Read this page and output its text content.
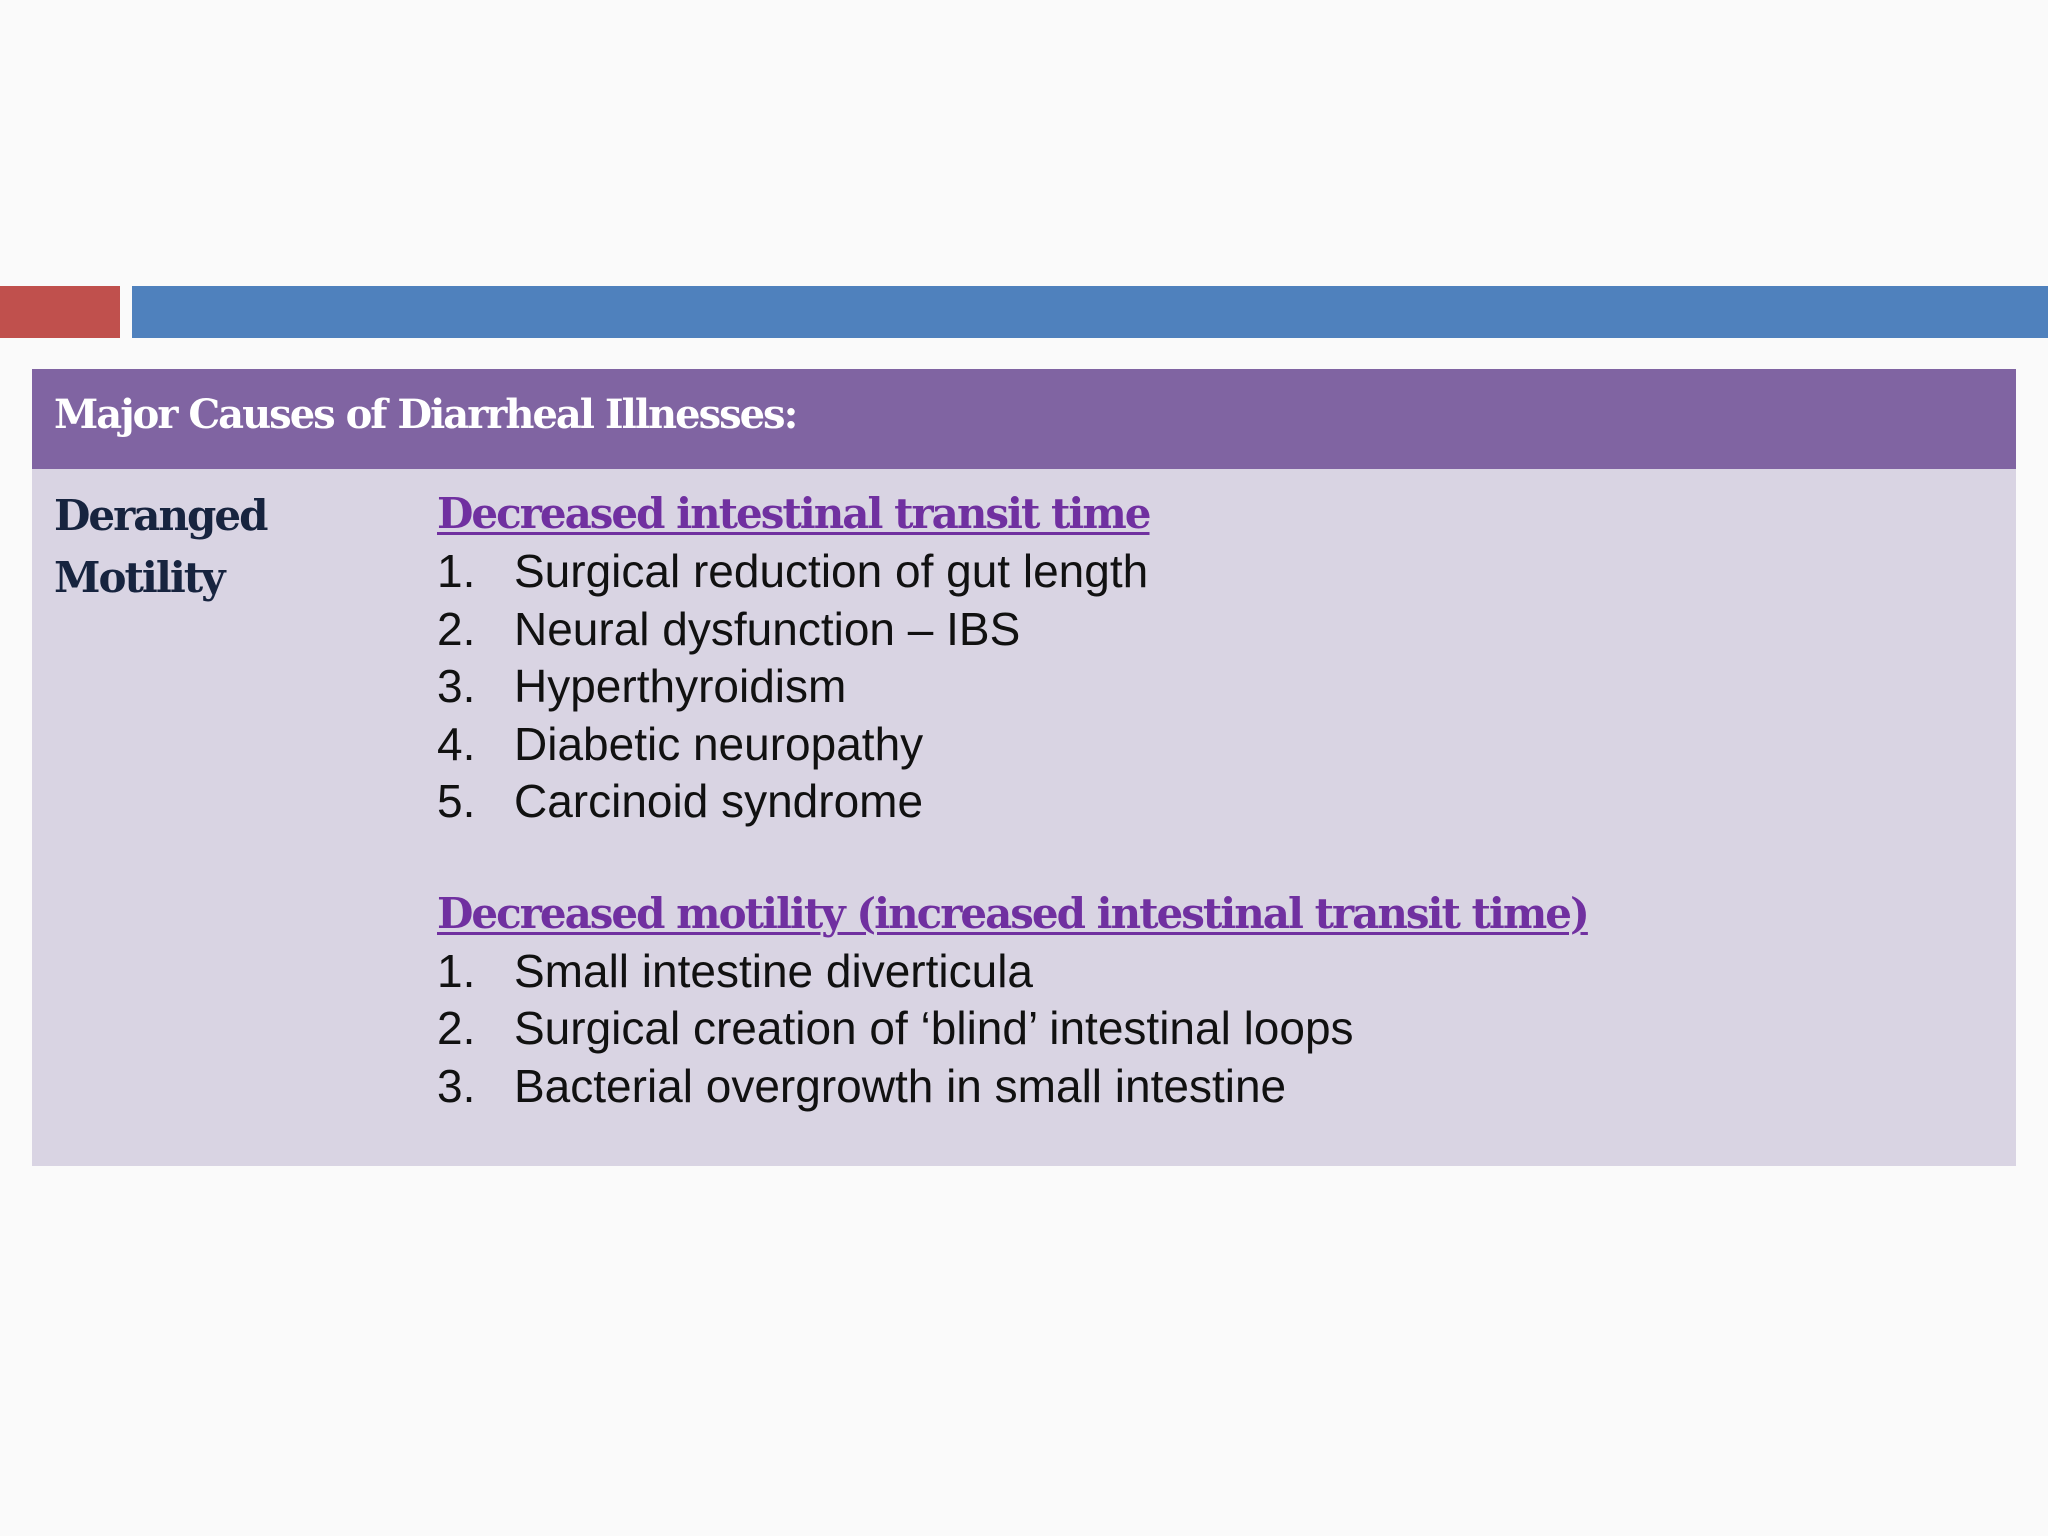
Major Causes of Diarrheal Illnesses:
Deranged
Motility
Decreased intestinal transit time
1. Surgical reduction of gut length
2. Neural dysfunction – IBS
3. Hyperthyroidism
4. Diabetic neuropathy
5. Carcinoid syndrome
Decreased motility (increased intestinal transit time)
1. Small intestine diverticula
2. Surgical creation of ‘blind’ intestinal loops
3. Bacterial overgrowth in small intestine
